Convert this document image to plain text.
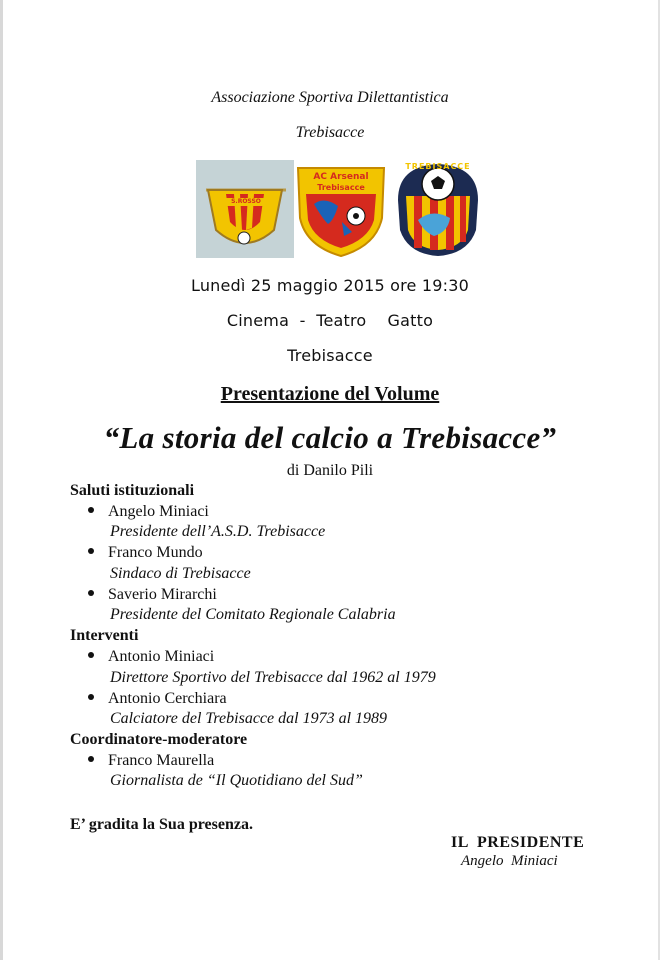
Associazione Sportiva Dilettantistica
Trebisacce
S.ROSSO
AC Arsenal
Trebisacce
TREBISACCE
Lunedì 25 maggio 2015 ore 19:30
Cinema  -  Teatro    Gatto
Trebisacce
Presentazione del Volume
“La storia del calcio a Trebisacce”
di Danilo Pili
Saluti istituzionali
Angelo Miniaci
Presidente dell’A.S.D. Trebisacce
Franco Mundo
Sindaco di Trebisacce
Saverio Mirarchi
Presidente del Comitato Regionale Calabria
Interventi
Antonio Miniaci
Direttore Sportivo del Trebisacce dal 1962 al 1979
Antonio Cerchiara
Calciatore del Trebisacce dal 1973 al 1989
Coordinatore-moderatore
Franco Maurella
Giornalista de “Il Quotidiano del Sud”
E’ gradita la Sua presenza.
IL  PRESIDENTE
Angelo  Miniaci
